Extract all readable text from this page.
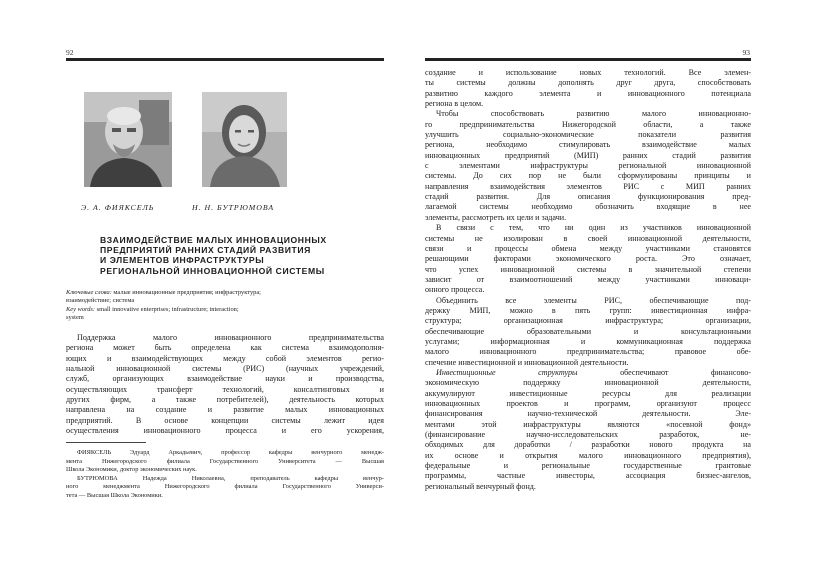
92
Э. А. ФИЯКСЕЛЬ	Н. Н. БУТРЮМОВА
ВЗАИМОДЕЙСТВИЕ МАЛЫХ ИННОВАЦИОННЫХ
ПРЕДПРИЯТИЙ РАННИХ СТАДИЙ РАЗВИТИЯ
И ЭЛЕМЕНТОВ ИНФРАСТРУКТУРЫ
РЕГИОНАЛЬНОЙ ИННОВАЦИОННОЙ СИСТЕМЫ
Ключевые слова: малые инновационные предприятия; инфраструктура;
взаимодействие; система
Key words: small innovative enterprises; infrastructure; interaction;
system
Поддержка малого инновационного предпринимательства
региона может быть определена как система взаимодополня-
ющих и взаимодействующих между собой элементов регио-
нальной инновационной системы (РИС) (научных учреждений,
служб, организующих взаимодействие науки и производства,
осуществляющих трансферт технологий, консалтинговых и
других фирм, а также потребителей), деятельность которых
направлена на создание и развитие малых инновационных
предприятий. В основе концепции системы лежит идея
осуществления инновационного процесса и его ускорения,
ФИЯКСЕЛЬ Эдуард Аркадьевич, профессор кафедры венчурного менедж-
мента Нижегородского филиала Государственного Университета — Высшая
Школа Экономики, доктор экономических наук.
БУТРЮМОВА Надежда Николаевна, преподаватель кафедры венчур-
ного менеджмента Нижегородского филиала Государственного Универси-
тета — Высшая Школа Экономики.
93
создание и использование новых технологий. Все элемен-
ты системы должны дополнять друг друга, способствовать
развитию каждого элемента и инновационного потенциала
региона в целом.
Чтобы способствовать развитию малого инновационно-
го предпринимательства Нижегородской области, а также
улучшить социально-экономические показатели развития
региона, необходимо стимулировать взаимодействие малых
инновационных предприятий (МИП) ранних стадий развития
с элементами инфраструктуры региональной инновационной
системы. До сих пор не были сформулированы принципы и
направления взаимодействия элементов РИС с МИП ранних
стадий развития. Для описания функционирования пред-
лагаемой системы необходимо обозначить входящие в нее
элементы, рассмотреть их цели и задачи.
В связи с тем, что ни один из участников инновационной
системы не изолирован в своей инновационной деятельности,
связи и процессы обмена между участниками становятся
решающими факторами экономического роста. Это означает,
что успех инновационной системы в значительной степени
зависит от взаимоотношений между участниками инновaци-
онного процесса.
Объединить все элементы РИС, обеспечивающие под-
держку МИП, можно в пять групп: инвестиционная инфра-
структура; организационная инфраструктура; организации,
обеспечивающие образовательными и консультационными
услугами; информационная и коммуникационная поддержка
малого инновационного предпринимательства; правовое обе-
спечение инвестиционной и инновационной деятельности.
Инвестиционные структуры	обеспечивают финансово-
экономическую поддержку инновационной деятельности,
аккумулируют инвестиционные ресурсы для реализации
инновационных проектов и программ, организуют процесс
финансирования научно-технической деятельности. Эле-
ментами этой инфраструктуры являются «посевной фонд»
(финансирование научно-исследовательских разработок, не-
обходимых для доработки / разработки нового продукта на
их основе и открытия малого инновационного предприятия),
федеральные и региональные государственные грантовые
программы, частные инвесторы, ассоциация бизнес-ангелов,
региональный венчурный фонд.
